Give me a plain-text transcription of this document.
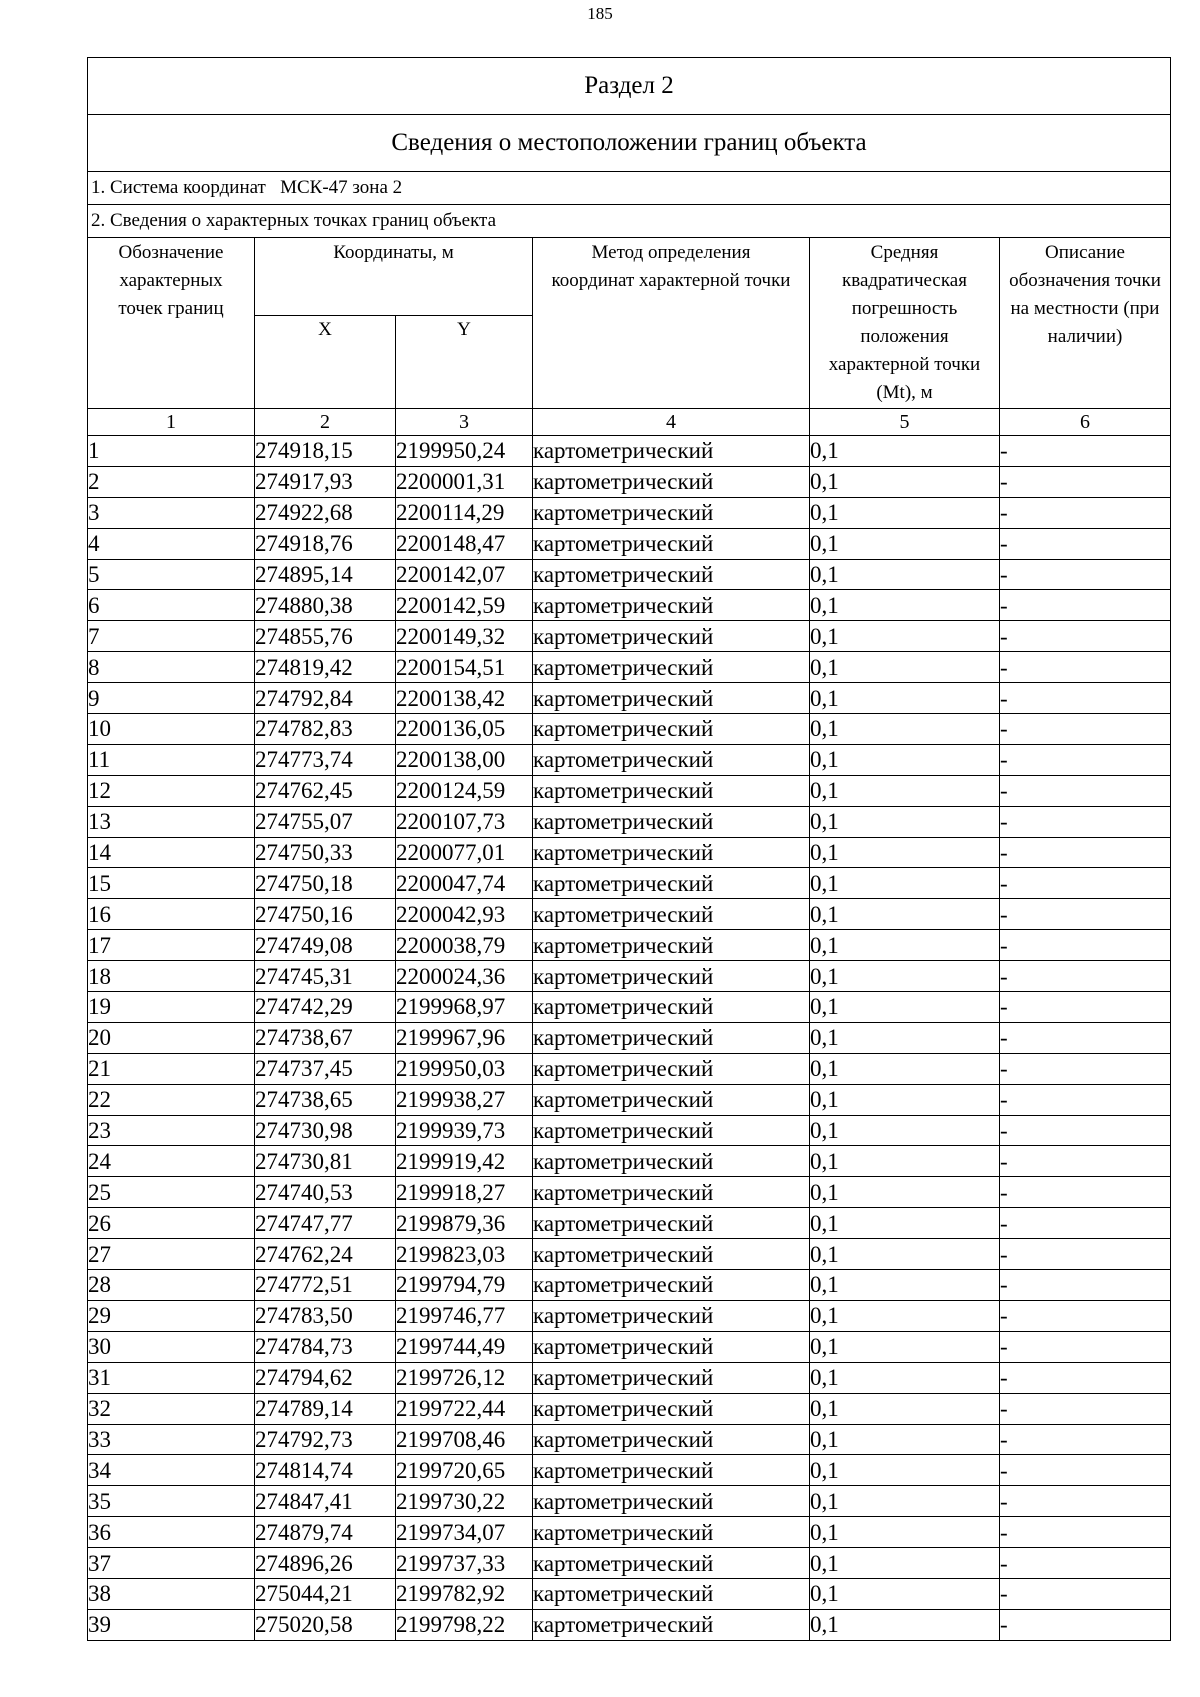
185
Раздел 2					
Сведения о местоположении границ объекта					
1. Система координат   МСК-47 зона 2					
2. Сведения о характерных точках границ объекта					
Обозначение характерных точек границ	Координаты, м		Метод определения координат характерной точки	Средняя квадратическая погрешность положения характерной точки (Mt), м	Описание обозначения точки на местности (при наличии)
	X	Y			
1	2	3	4	5	6
1	274918,15	2199950,24	картометрический	0,1	-
2	274917,93	2200001,31	картометрический	0,1	-
3	274922,68	2200114,29	картометрический	0,1	-
4	274918,76	2200148,47	картометрический	0,1	-
5	274895,14	2200142,07	картометрический	0,1	-
6	274880,38	2200142,59	картометрический	0,1	-
7	274855,76	2200149,32	картометрический	0,1	-
8	274819,42	2200154,51	картометрический	0,1	-
9	274792,84	2200138,42	картометрический	0,1	-
10	274782,83	2200136,05	картометрический	0,1	-
11	274773,74	2200138,00	картометрический	0,1	-
12	274762,45	2200124,59	картометрический	0,1	-
13	274755,07	2200107,73	картометрический	0,1	-
14	274750,33	2200077,01	картометрический	0,1	-
15	274750,18	2200047,74	картометрический	0,1	-
16	274750,16	2200042,93	картометрический	0,1	-
17	274749,08	2200038,79	картометрический	0,1	-
18	274745,31	2200024,36	картометрический	0,1	-
19	274742,29	2199968,97	картометрический	0,1	-
20	274738,67	2199967,96	картометрический	0,1	-
21	274737,45	2199950,03	картометрический	0,1	-
22	274738,65	2199938,27	картометрический	0,1	-
23	274730,98	2199939,73	картометрический	0,1	-
24	274730,81	2199919,42	картометрический	0,1	-
25	274740,53	2199918,27	картометрический	0,1	-
26	274747,77	2199879,36	картометрический	0,1	-
27	274762,24	2199823,03	картометрический	0,1	-
28	274772,51	2199794,79	картометрический	0,1	-
29	274783,50	2199746,77	картометрический	0,1	-
30	274784,73	2199744,49	картометрический	0,1	-
31	274794,62	2199726,12	картометрический	0,1	-
32	274789,14	2199722,44	картометрический	0,1	-
33	274792,73	2199708,46	картометрический	0,1	-
34	274814,74	2199720,65	картометрический	0,1	-
35	274847,41	2199730,22	картометрический	0,1	-
36	274879,74	2199734,07	картометрический	0,1	-
37	274896,26	2199737,33	картометрический	0,1	-
38	275044,21	2199782,92	картометрический	0,1	-
39	275020,58	2199798,22	картометрический	0,1	-
